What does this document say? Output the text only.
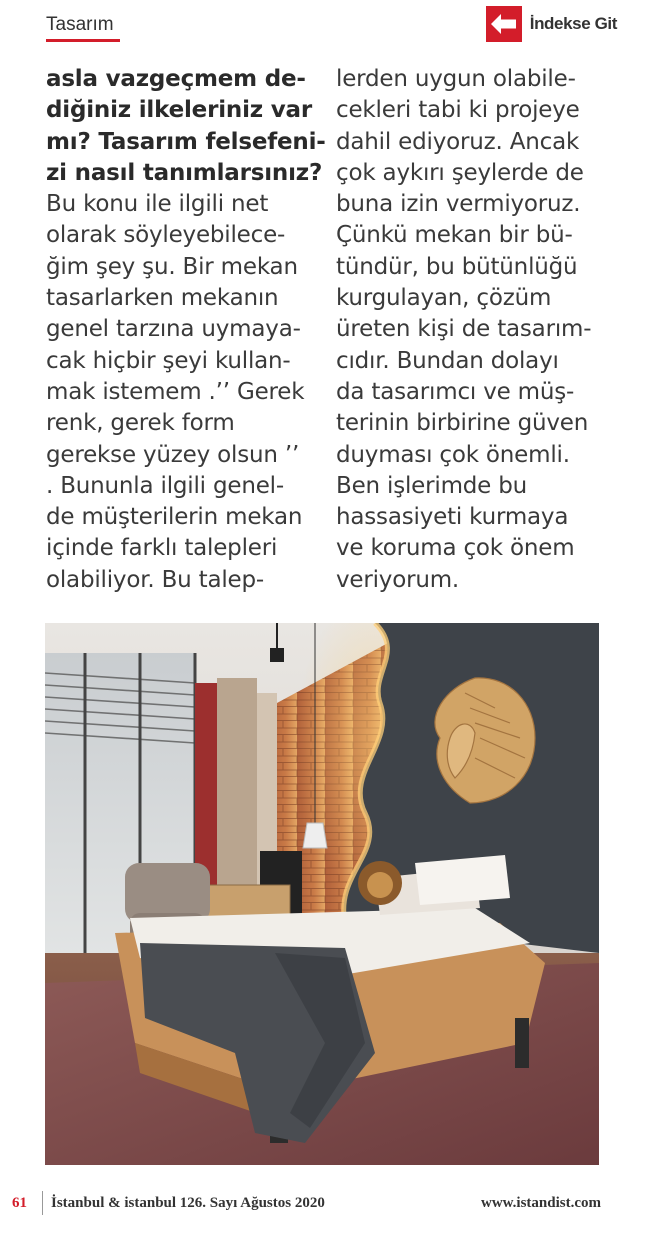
Tasarım	İndekse Git
asla vazgeçmem de-
diğiniz ilkeleriniz var
mı? Tasarım felsefeni-
zi nasıl tanımlarsınız?
Bu konu ile ilgili net
olarak söyleyebilece-
ğim şey şu. Bir mekan
tasarlarken mekanın
genel tarzına uymaya-
cak hiçbir şeyi kullan-
mak istemem .’’ Gerek
renk, gerek form
gerekse yüzey olsun ’’
. Bununla ilgili genel-
de müşterilerin mekan
içinde farklı talepleri
olabiliyor. Bu talep-
lerden uygun olabile-
cekleri tabi ki projeye
dahil ediyoruz. Ancak
çok aykırı şeylerde de
buna izin vermiyoruz.
Çünkü mekan bir bü-
tündür, bu bütünlüğü
kurgulayan, çözüm
üreten kişi de tasarım-
cıdır. Bundan dolayı
da tasarımcı ve müş-
terinin birbirine güven
duyması çok önemli.
Ben işlerimde bu
hassasiyeti kurmaya
ve koruma çok önem
veriyorum.
61 İstanbul & istanbul 126. Sayı Ağustos 2020	www.istandist.com
